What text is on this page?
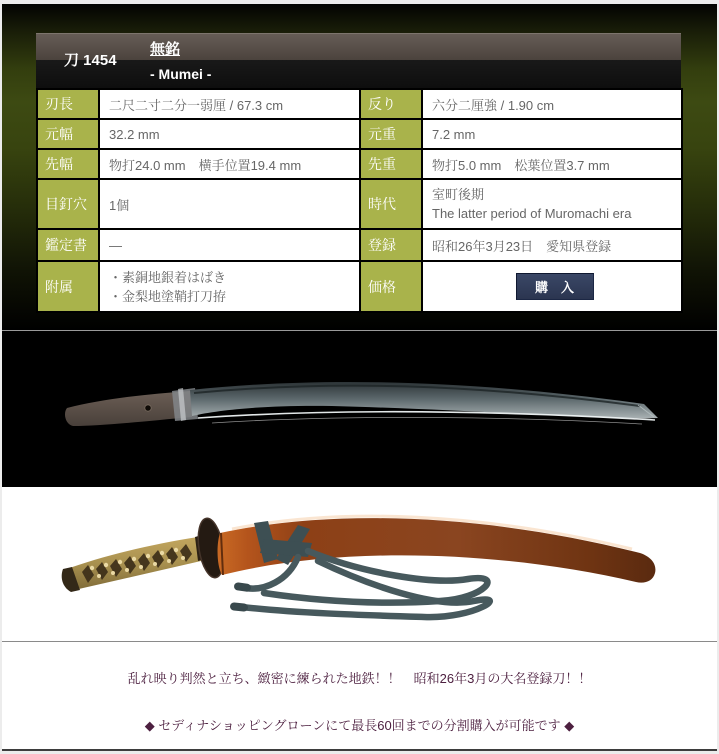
刀 1454
無銘
- Mumei -
刃長	二尺二寸二分一弱厘 / 67.3 cm	反り	六分二厘強 / 1.90 cm
元幅	32.2 mm	元重	7.2 mm
先幅	物打24.0 mm　横手位置19.4 mm	先重	物打5.0 mm　松葉位置3.7 mm
目釘穴	1個	時代	室町後期
The latter period of Muromachi era

鑑定書	―	登録	昭和26年3月23日　愛知県登録
附属	・素銅地銀着はばき
・金梨地塗鞘打刀拵	価格	購　入

乱れ映り判然と立ち、緻密に練られた地鉄！！　昭和26年3月の大名登録刀！！

◆ セディナショッピングローンにて最長60回までの分割購入が可能です ◆
